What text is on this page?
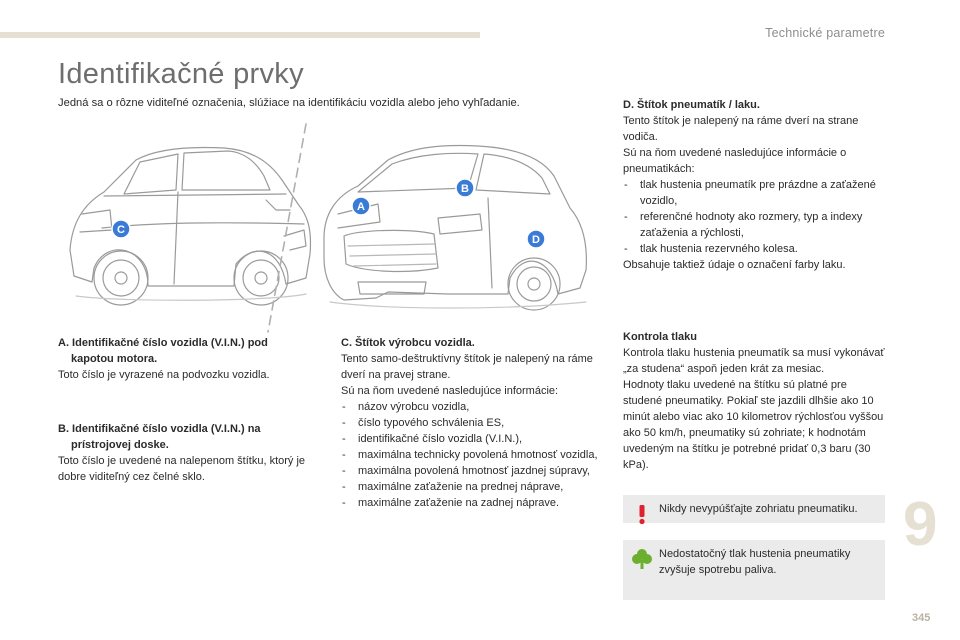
Technické parametre
Identifikačné prvky
Jedná sa o rôzne viditeľné označenia, slúžiace na identifikáciu vozidla alebo jeho vyhľadanie.
A
B
C
D

A. Identifikačné číslo vozidla (V.I.N.) pod kapotou motora.

Toto číslo je vyrazené na podvozku vozidla.

B. Identifikačné číslo vozidla (V.I.N.) na prístrojovej doske.

Toto číslo je uvedené na nalepenom štítku, ktorý je dobre viditeľný cez čelné sklo.

C. Štítok výrobcu vozidla.

Tento samo-deštruktívny štítok je nalepený na ráme dverí na pravej strane.

Sú na ňom uvedené nasledujúce informácie:

- názov výrobcu vozidla,
- číslo typového schválenia ES,
- identifikačné číslo vozidla (V.I.N.),
- maximálna technicky povolená hmotnosť vozidla,
- maximálna povolená hmotnosť jazdnej súpravy,
- maximálne zaťaženie na prednej náprave,
- maximálne zaťaženie na zadnej náprave.

D. Štítok pneumatík / laku.

Tento štítok je nalepený na ráme dverí na strane vodiča.

Sú na ňom uvedené nasledujúce informácie o pneumatikách:

- tlak hustenia pneumatík pre prázdne a zaťažené vozidlo,
- referenčné hodnoty ako rozmery, typ a indexy zaťaženia a rýchlosti,
- tlak hustenia rezervného kolesa.

Obsahuje taktiež údaje o označení farby laku.

Kontrola tlaku

Kontrola tlaku hustenia pneumatík sa musí vykonávať „za studena“ aspoň jeden krát za mesiac.

Hodnoty tlaku uvedené na štítku sú platné pre studené pneumatiky. Pokiaľ ste jazdili dlhšie ako 10 minút alebo viac ako 10 kilometrov rýchlosťou vyššou ako 50 km/h, pneumatiky sú zohriate; k hodnotám uvedeným na štítku je potrebné pridať 0,3 baru (30 kPa).

Nikdy nevypúšťajte zohriatu pneumatiku.
Nedostatočný tlak hustenia pneumatiky zvyšuje spotrebu paliva.
9
345
